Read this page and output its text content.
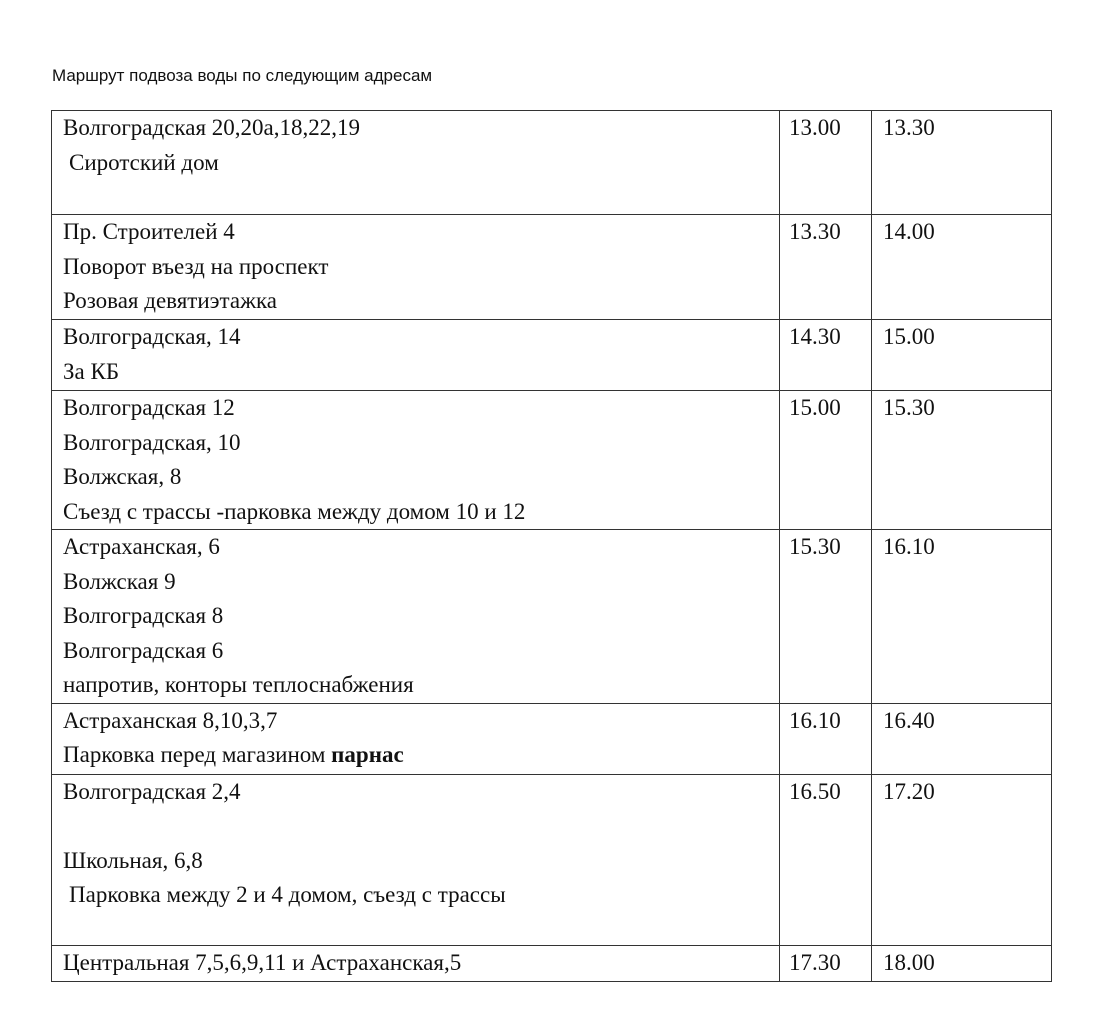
Маршрут подвоза воды по следующим адресам
Волгоградская 20,20а,18,22,19
Сиротский дом	13.00	13.30

Пр. Строителей 4
Поворот въезд на проспект
Розовая девятиэтажка	13.30	14.00

Волгоградская, 14
За КБ	14.30	15.00

Волгоградская 12
Волгоградская, 10
Волжская, 8
Съезд с трассы -парковка между домом 10 и 12	15.00	15.30

Астраханская, 6
Волжская 9
Волгоградская 8
Волгоградская 6
напротив, конторы теплоснабжения	15.30	16.10

Астраханская 8,10,3,7
Парковка перед магазином парнас	16.10	16.40

Волгоградская 2,4
Школьная, 6,8
Парковка между 2 и 4 домом, съезд с трассы	16.50	17.20

Центральная 7,5,6,9,11 и Астраханская,5	17.30	18.00
